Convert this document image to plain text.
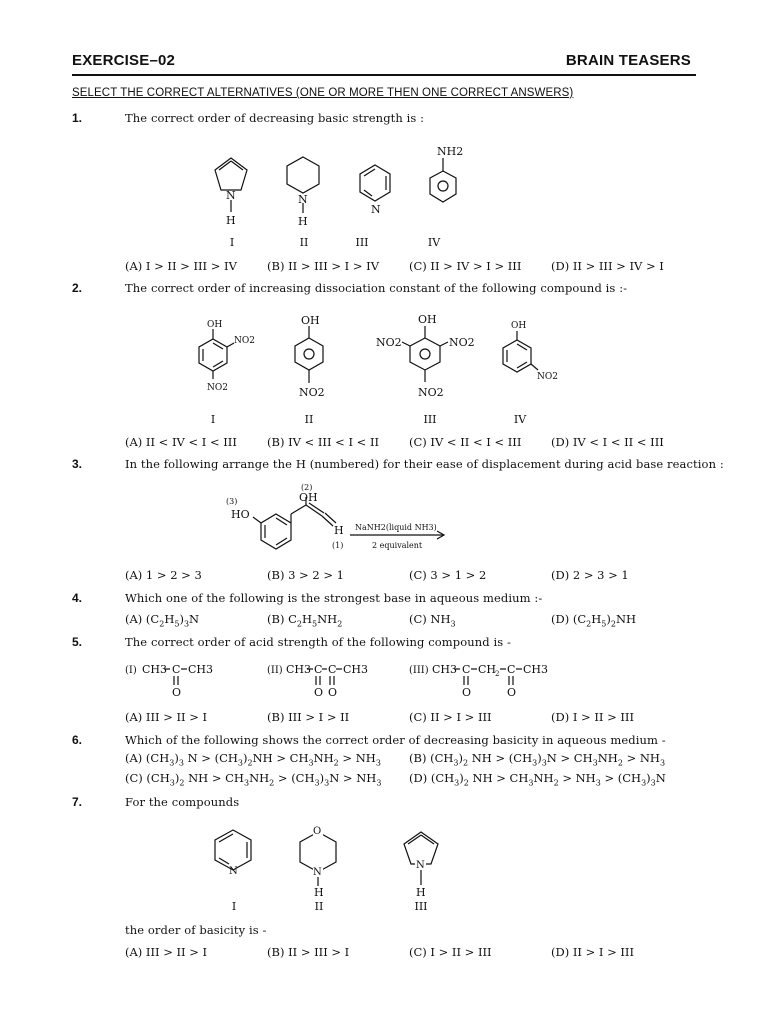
EXERCISE–02	BRAIN TEASERS
SELECT THE CORRECT ALTERNATIVES (ONE OR MORE THEN ONE CORRECT ANSWERS)
1.	The correct order of decreasing basic strength is :
I	II	III	IV
(A) I > II > III > IV	(B) II > III > I > IV	(C) II > IV > I > III	(D) II > III > IV > I
2.	The correct order of increasing dissociation constant of the following compound is :-
I	II	III	IV
(A) II < IV < I < III	(B) IV < III < I < II	(C) IV < II < I < III	(D) IV < I < II < III
3.	In the following arrange the H (numbered) for their ease of displacement during acid base reaction :
(A) 1 > 2 > 3	(B) 3 > 2 > 1	(C) 3 > 1 > 2	(D) 2 > 3 > 1
4.	Which one of the following is the strongest base in aqueous medium :-
(A) $(C_2H_5)_3N$	(B) $C_2H_5NH_2$	(C) $NH_3$	(D) $(C_2H_5)_2NH$
5.	The correct order of acid strength of the following compound is -
(A) III > II > I	(B) III > I > II	(C) II > I > III	(D) I > II > III
6.	Which of the following shows the correct order of decreasing basicity in aqueous medium -
(A) $(CH_3)_3$ $N > (CH_3)_2NH > CH_3NH_2 > NH_3$ (B) $(CH_3)_2$ NH > $(CH_3)_3N > CH_3NH_2 > NH_3$
(C) $(CH_3)_2$ NH > $CH_3NH_2 > (CH_3)_3N > NH_3$ (D) $(CH_3)_2$ NH > $CH_3NH_2 > NH_3 > (CH_3)_3N$
7.	For the compounds
I	II	III
the order of basicity is -
(A) III > II > I	(B) II > III > I	(C) I > II > III	(D) II > I > III
N
H
N
H
N
NH2
OH
NO2
NO2
OH
NO2
OH
NO2	NO2
NO2
OH
NO2
(3)
HO
(2)
OH
H
(1)
NaNH2(liquid NH3)
2 equivalent
(I) CH3 C CH3
O
(II) CH3 C C CH3
O O
(III) CH3 C CH
2 C CH3
O	O
N
O
N
H
N
H
